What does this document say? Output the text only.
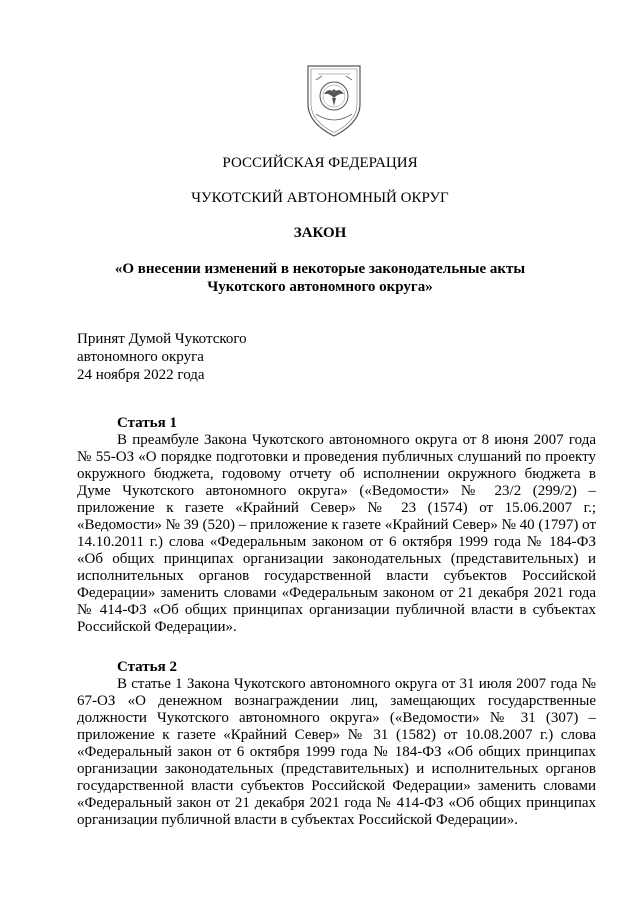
РОССИЙСКАЯ ФЕДЕРАЦИЯ
ЧУКОТСКИЙ АВТОНОМНЫЙ ОКРУГ
ЗАКОН
«О внесении изменений в некоторые законодательные акты
Чукотского автономного округа»
Принят Думой Чукотского
автономного округа
24 ноября 2022 года
Статья 1
В преамбуле Закона Чукотского автономного округа от 8 июня 2007 года № 55-ОЗ «О порядке подготовки и проведения публичных слушаний по проекту окружного бюджета, годовому отчету об исполнении окружного бюджета в Думе Чукотского автономного округа» («Ведомости» № 23/2 (299/2) – приложение к газете «Крайний Север» № 23 (1574) от 15.06.2007 г.; «Ведомости» № 39 (520) – приложение к газете «Крайний Север» № 40 (1797) от 14.10.2011 г.) слова «Федеральным законом от 6 октября 1999 года № 184-ФЗ «Об общих принципах организации законодательных (представительных) и исполнительных органов государственной власти субъектов Российской Федерации» заменить словами «Федеральным законом от 21 декабря 2021 года № 414-ФЗ «Об общих принципах организации публичной власти в субъектах Российской Федерации».
Статья 2
В статье 1 Закона Чукотского автономного округа от 31 июля 2007 года № 67-ОЗ «О денежном вознаграждении лиц, замещающих государственные должности Чукотского автономного округа» («Ведомости» № 31 (307) – приложение к газете «Крайний Север» № 31 (1582) от 10.08.2007 г.) слова «Федеральный закон от 6 октября 1999 года № 184-ФЗ «Об общих принципах организации законодательных (представительных) и исполнительных органов государственной власти субъектов Российской Федерации» заменить словами «Федеральный закон от 21 декабря 2021 года № 414-ФЗ «Об общих принципах организации публичной власти в субъектах Российской Федерации».
